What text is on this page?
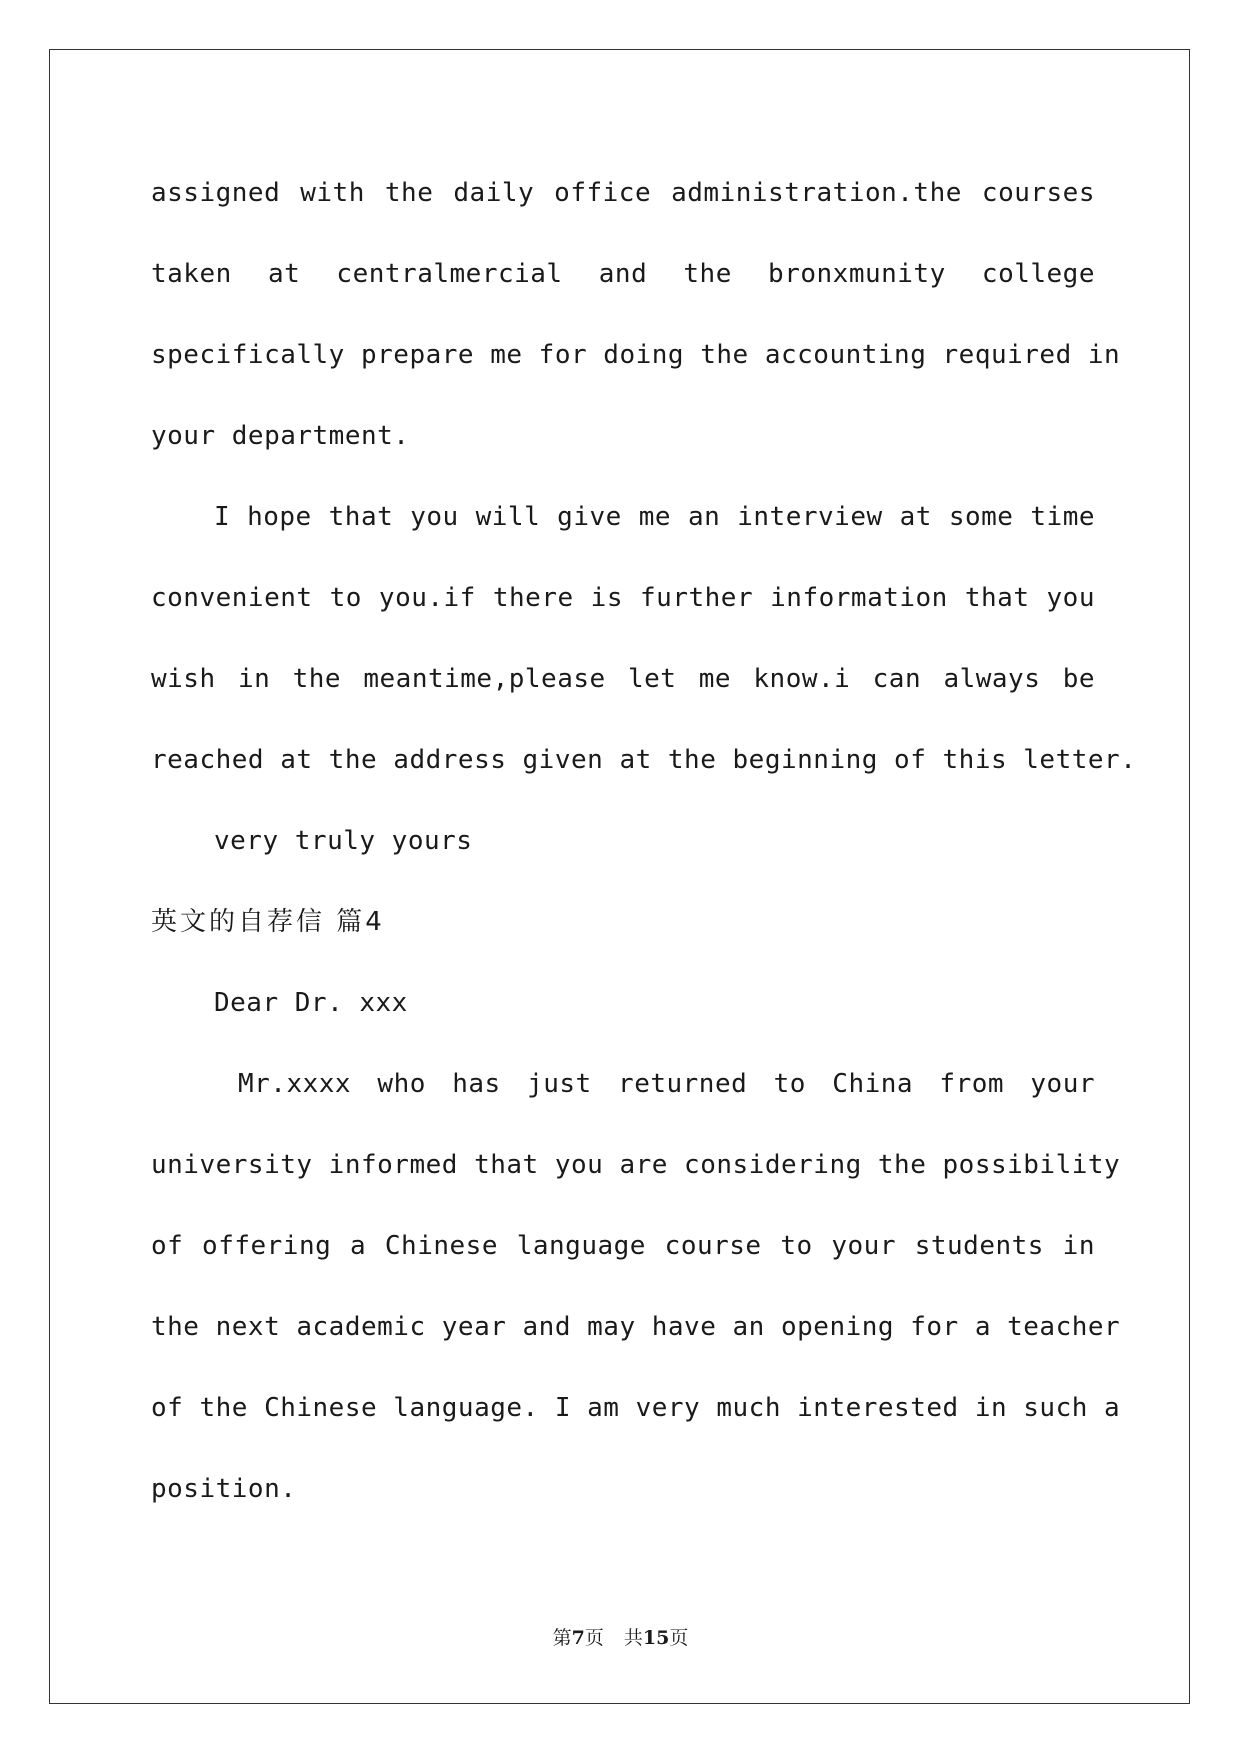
assigned with the daily office administration.the courses
taken at centralmercial and the bronxmunity college
specifically prepare me for doing the accounting required in
your department.
I hope that you will give me an interview at some time
convenient to you.if there is further information that you
wish in the meantime,please let me know.i can always be
reached at the address given at the beginning of this letter.
very truly yours
英文的自荐信 篇4
Dear Dr. xxx
Mr.xxxx who has just returned to China from your
university informed that you are considering the possibility
of offering a Chinese language course to your students in
the next academic year and may have an opening for a teacher
of the Chinese language. I am very much interested in such a
position.
第7页 共15页
